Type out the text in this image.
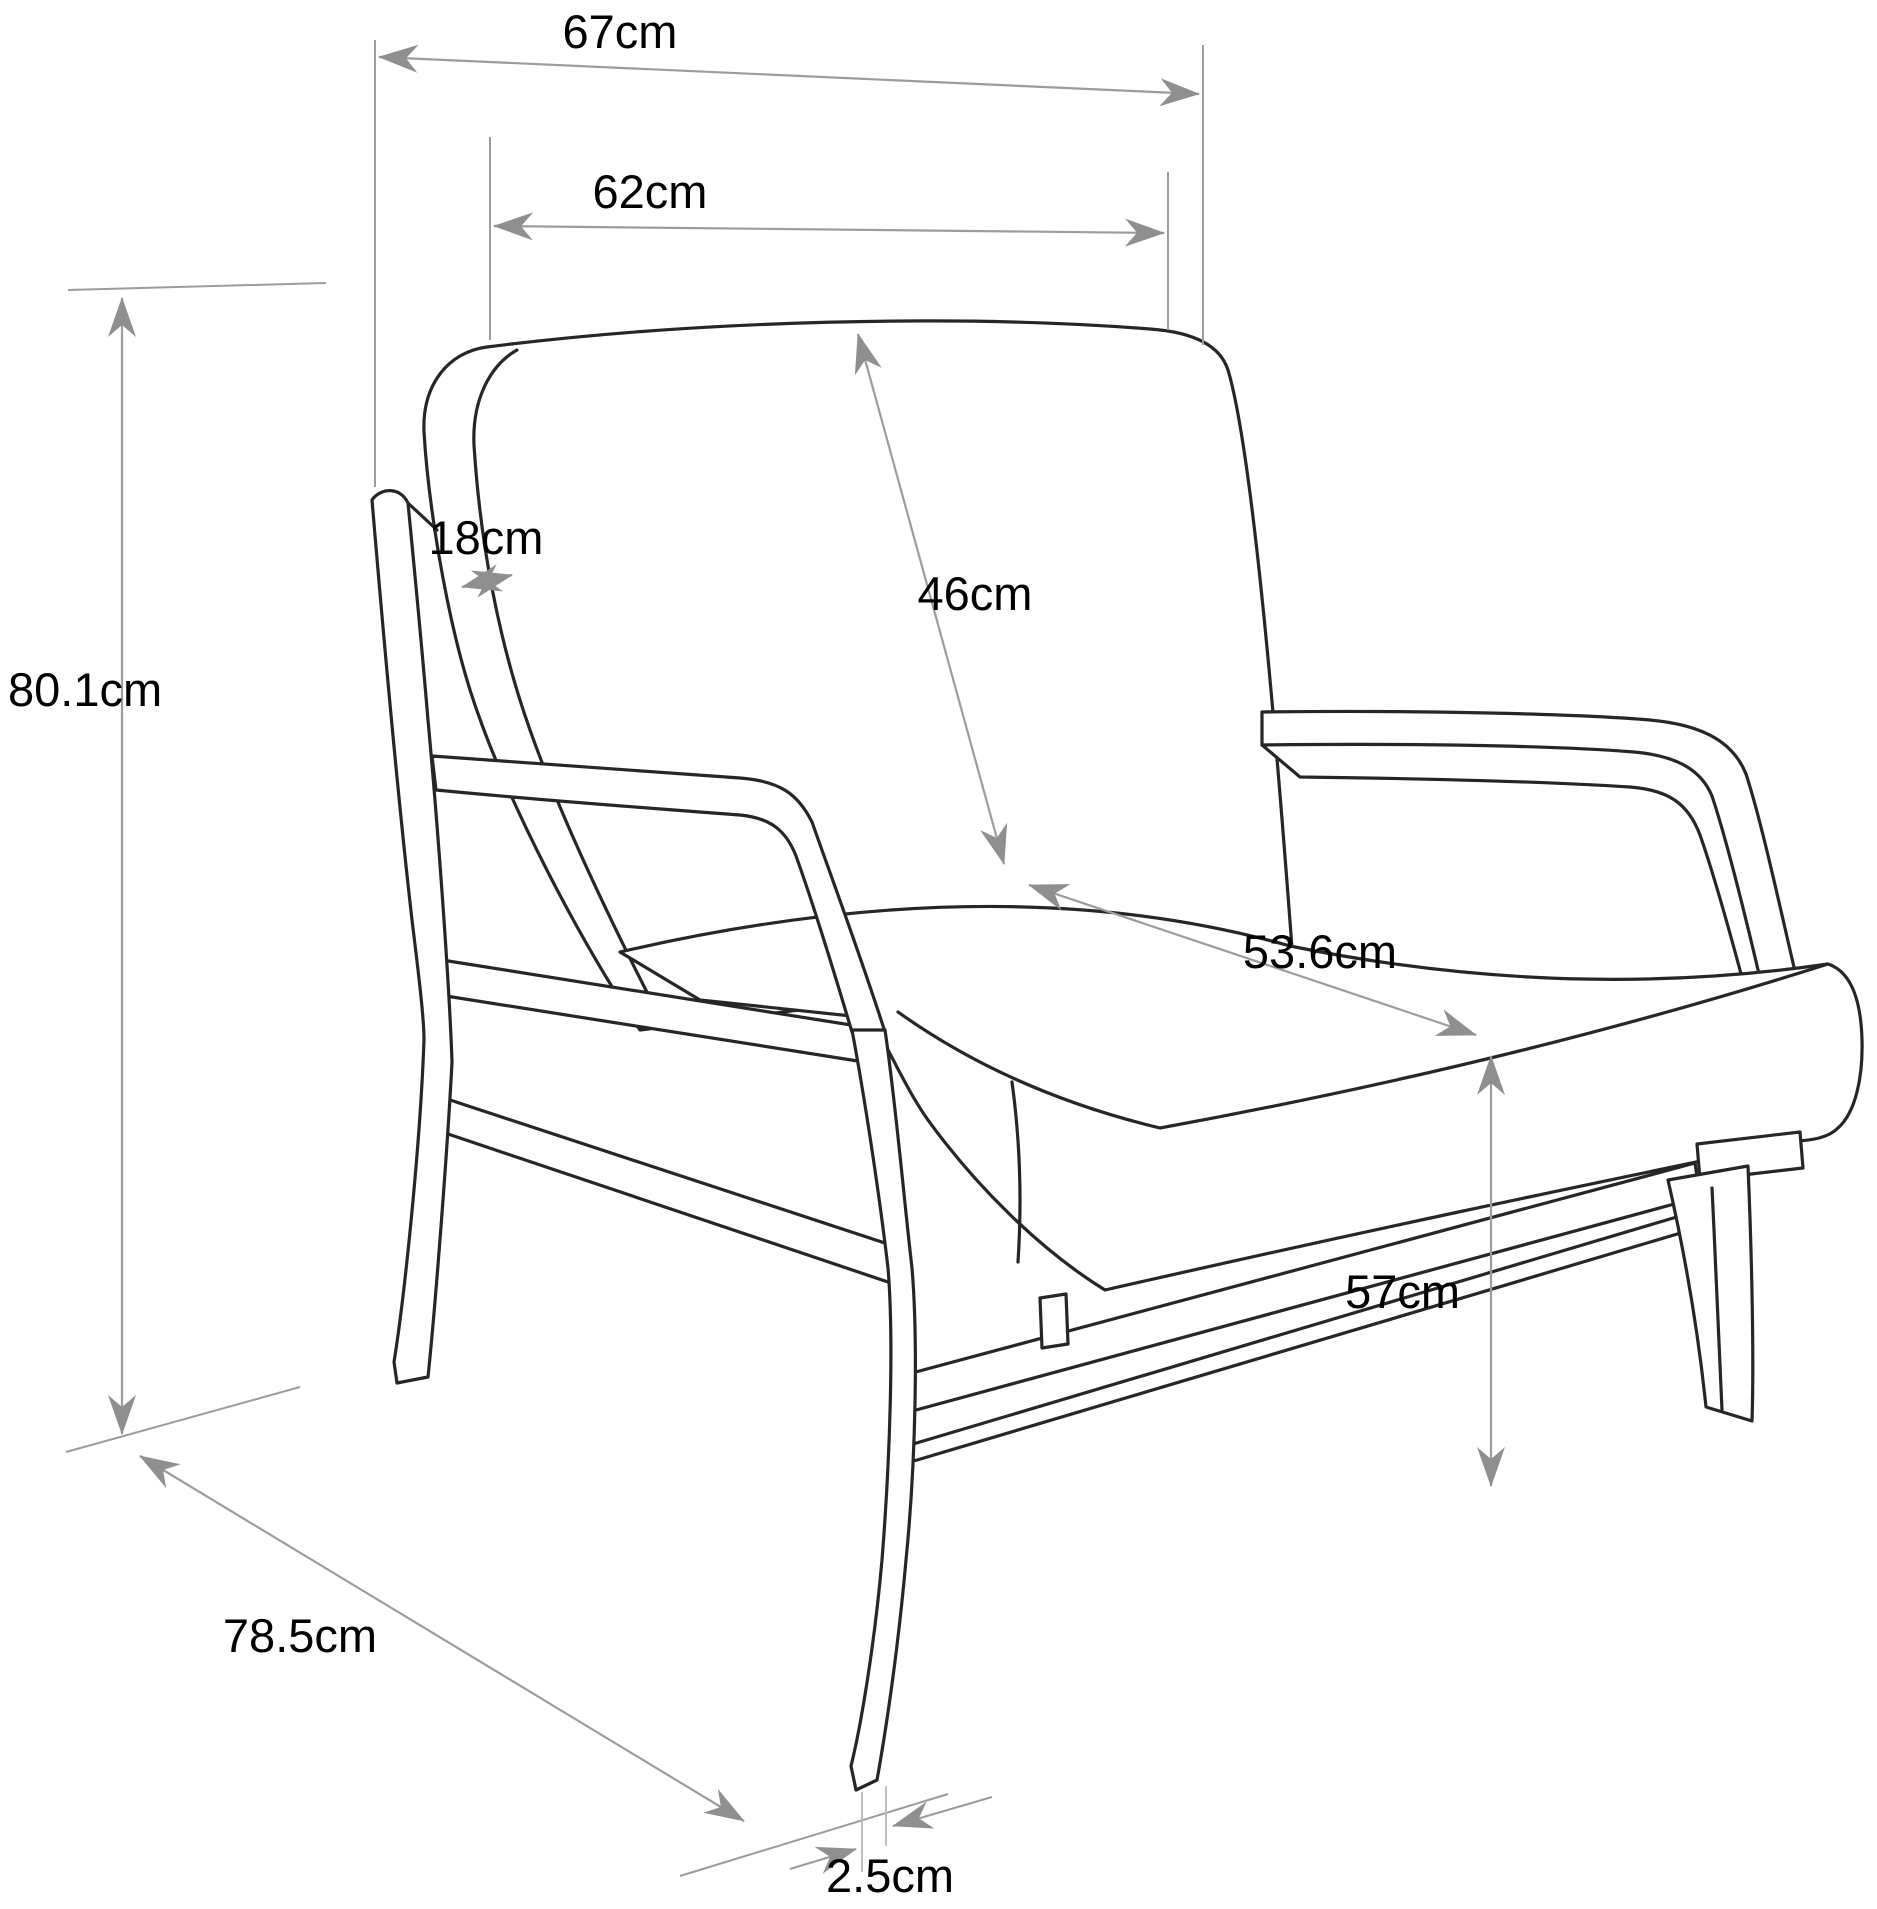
67cm
62cm
18cm
46cm
80.1cm
53.6cm
57cm
78.5cm
2.5cm
